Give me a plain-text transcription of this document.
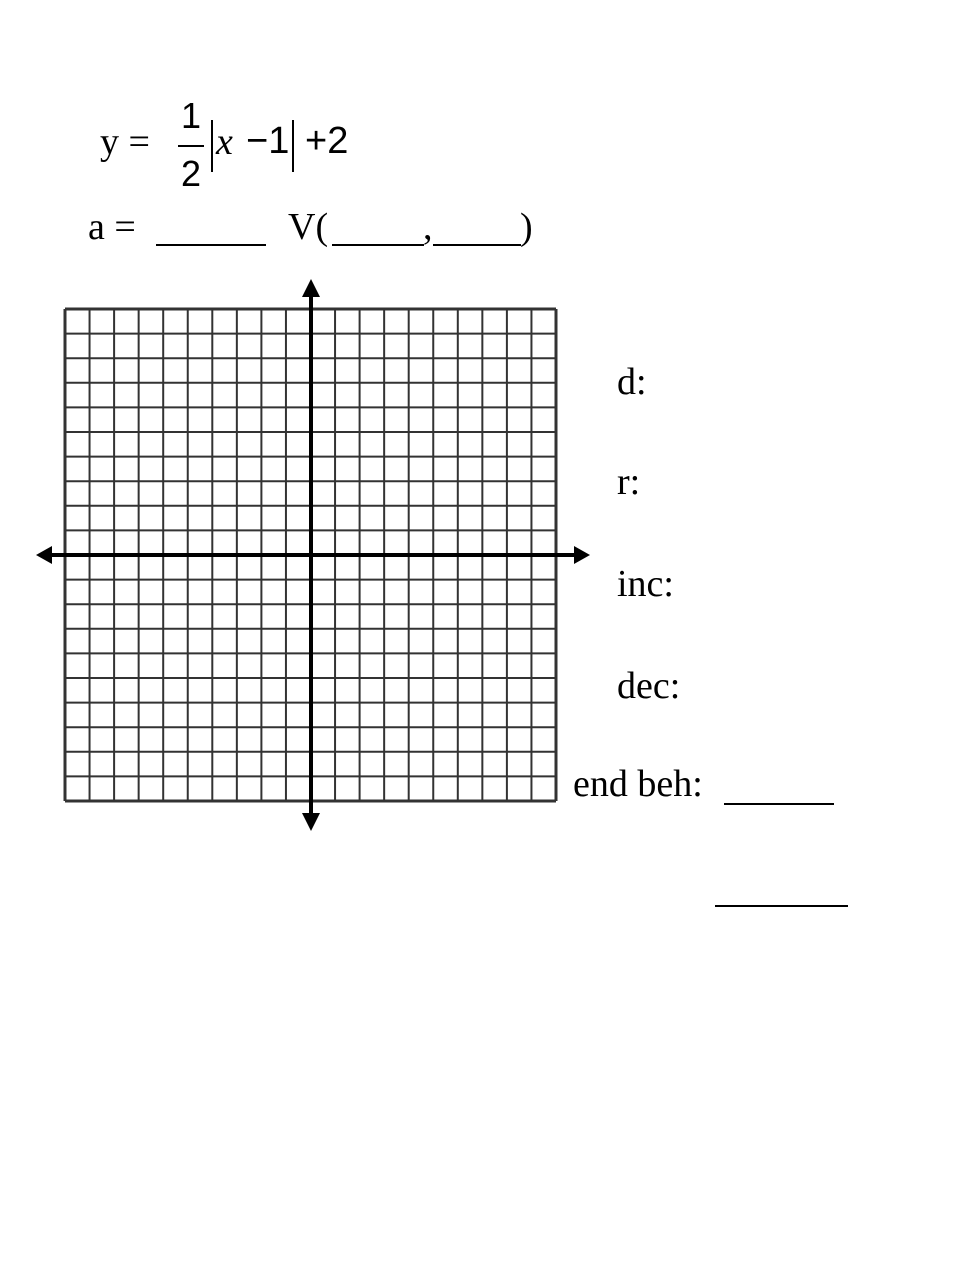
y =
1
2
x −1 +2
a =	V( , )
d:
r:
inc:
dec:
end beh:
